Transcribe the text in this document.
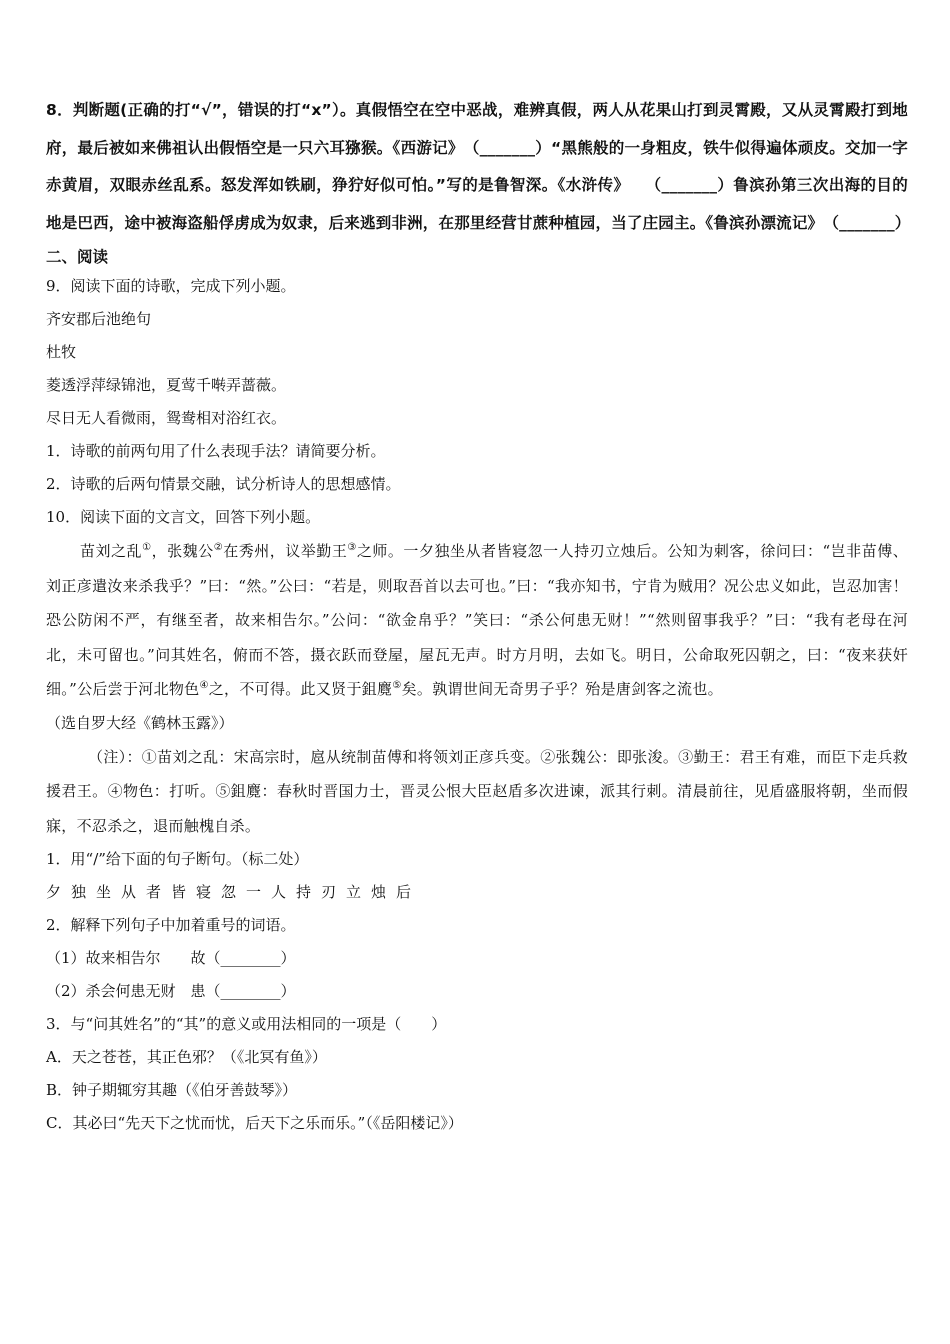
8．判断题(正确的打“√”，错误的打“x”）。真假悟空在空中恶战，难辨真假，两人从花果山打到灵霄殿，又从灵霄殿打到地府，最后被如来佛祖认出假悟空是一只六耳猕猴。《西游记》　（_______）“黑熊般的一身粗皮，铁牛似得遍体顽皮。交加一字赤黄眉，双眼赤丝乱系。怒发浑如铁刷，狰狞好似可怕。”写的是鲁智深。《水浒传》　　（_______）鲁滨孙第三次出海的目的地是巴西，途中被海盗船俘虏成为奴隶，后来逃到非洲，在那里经营甘蔗种植园，当了庄园主。《鲁滨孙漂流记》　（_______）
二、阅读
9．阅读下面的诗歌，完成下列小题。
齐安郡后池绝句
杜牧
菱透浮萍绿锦池，夏莺千啭弄蔷薇。
尽日无人看微雨，鸳鸯相对浴红衣。
1．诗歌的前两句用了什么表现手法？请简要分析。
2．诗歌的后两句情景交融，试分析诗人的思想感情。
10．阅读下面的文言文，回答下列小题。
苗刘之乱①，张魏公②在秀州，议举勤王③之师。一夕独坐从者皆寝忽一人持刃立烛后。公知为刺客，徐问曰：“岂非苗傅、刘正彦遣汝来杀我乎？”曰：“然。”公曰：“若是，则取吾首以去可也。”曰：“我亦知书，宁肯为贼用？况公忠义如此，岂忍加害！恐公防闲不严，有继至者，故来相告尔。”公问：“欲金帛乎？”笑曰：“杀公何患无财！”“然则留事我乎？”曰：“我有老母在河北，未可留也。”问其姓名，俯而不答，摄衣跃而登屋，屋瓦无声。时方月明，去如飞。明日，公命取死囚朝之，曰：“夜来获奸细。”公后尝于河北物色④之，不可得。此又贤于鉏麑⑤矣。孰谓世间无奇男子乎？殆是唐剑客之流也。
（选自罗大经《鹤林玉露》）
（注）：①苗刘之乱：宋高宗时，扈从统制苗傅和将领刘正彦兵变。②张魏公：即张浚。③勤王：君王有难，而臣下走兵救援君王。④物色：打听。⑤鉏麑：春秋时晋国力士，晋灵公恨大臣赵盾多次进谏，派其行刺。清晨前往，见盾盛服将朝，坐而假寐，不忍杀之，退而触槐自杀。
1．用“/”给下面的句子断句。（标二处）
夕独坐从者皆寝忽一人持刃立烛后
2．解释下列句子中加着重号的词语。
（1）故来相告尔　　故（________）
（2）杀会何患无财　患（________）
3．与“问其姓名”的“其”的意义或用法相同的一项是（　　）
A．天之苍苍，其正色邪？（《北冥有鱼》）
B．钟子期辄穷其趣（《伯牙善鼓琴》）
C．其必曰“先天下之忧而忧，后天下之乐而乐。”（《岳阳楼记》）
